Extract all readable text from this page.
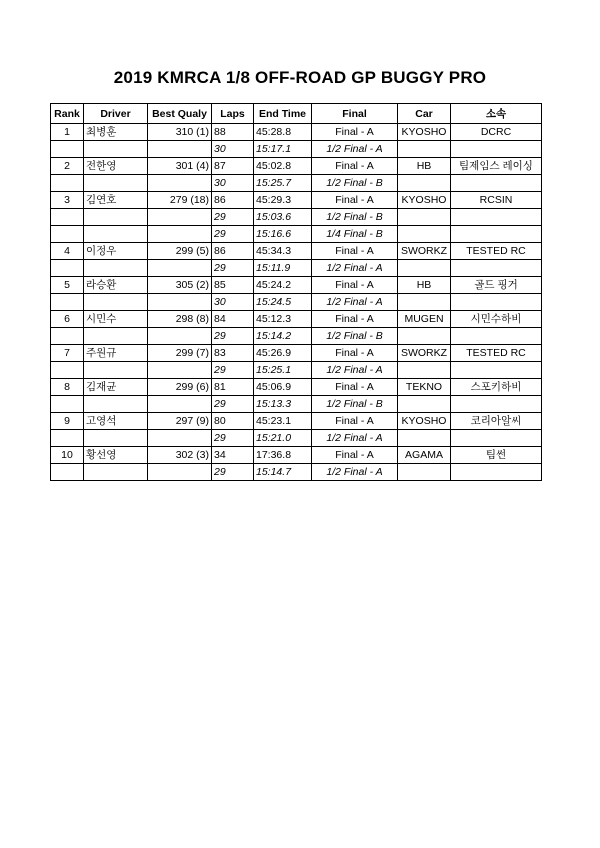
2019 KMRCA 1/8 OFF-ROAD GP BUGGY PRO
Rank	Driver	Best Qualy	Laps	End Time	Final	Car	소속

1	최병훈	310 (1)	88	45:28.8	Final - A	KYOSHO	DCRC
			30	15:17.1	1/2 Final - A		
2	전한영	301 (4)	87	45:02.8	Final - A	HB	팀제임스 레이싱
			30	15:25.7	1/2 Final - B		
3	김연호	279 (18)	86	45:29.3	Final - A	KYOSHO	RCSIN
			29	15:03.6	1/2 Final - B		
			29	15:16.6	1/4 Final - B		
4	이정우	299 (5)	86	45:34.3	Final - A	SWORKZ	TESTED RC
			29	15:11.9	1/2 Final - A		
5	라승환	305 (2)	85	45:24.2	Final - A	HB	골드 핑거
			30	15:24.5	1/2 Final - A		
6	시민수	298 (8)	84	45:12.3	Final - A	MUGEN	시민수하비
			29	15:14.2	1/2 Final - B		
7	주원규	299 (7)	83	45:26.9	Final - A	SWORKZ	TESTED RC
			29	15:25.1	1/2 Final - A		
8	김재균	299 (6)	81	45:06.9	Final - A	TEKNO	스포키하비
			29	15:13.3	1/2 Final - B		
9	고영석	297 (9)	80	45:23.1	Final - A	KYOSHO	코리아알씨
			29	15:21.0	1/2 Final - A		
10	황선영	302 (3)	34	17:36.8	Final - A	AGAMA	팀썬
			29	15:14.7	1/2 Final - A		
